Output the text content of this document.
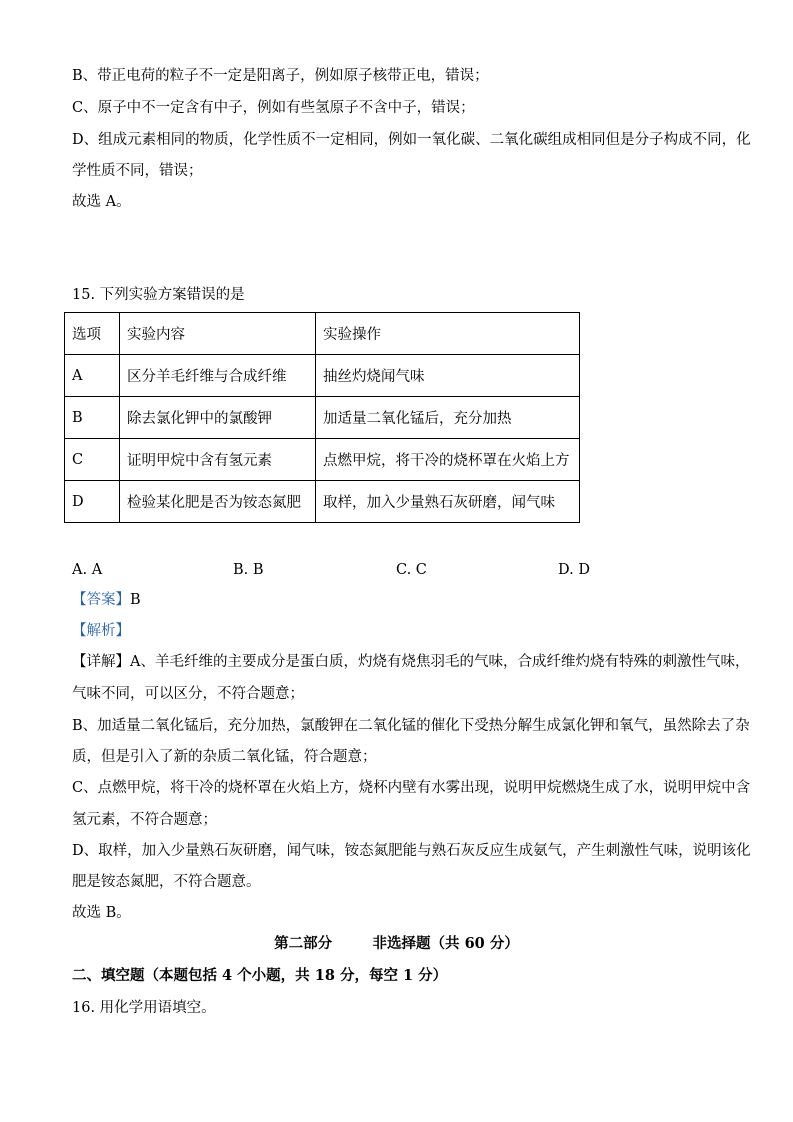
B、带正电荷的粒子不一定是阳离子，例如原子核带正电，错误；
C、原子中不一定含有中子，例如有些氢原子不含中子，错误；
D、组成元素相同的物质，化学性质不一定相同，例如一氧化碳、二氧化碳组成相同但是分子构成不同，化
学性质不同，错误；
故选 A。
15. 下列实验方案错误的是
选项	实验内容	实验操作
A	区分羊毛纤维与合成纤维	抽丝灼烧闻气味
B	除去氯化钾中的氯酸钾	加适量二氧化锰后，充分加热
C	证明甲烷中含有氢元素	点燃甲烷，将干冷的烧杯罩在火焰上方
D	检验某化肥是否为铵态氮肥	取样，加入少量熟石灰研磨，闻气味
A. A	B. B	C. C	D. D
【答案】B
【解析】
【详解】A、羊毛纤维的主要成分是蛋白质，灼烧有烧焦羽毛的气味，合成纤维灼烧有特殊的刺激性气味，
气味不同，可以区分，不符合题意；
B、加适量二氧化锰后，充分加热，氯酸钾在二氧化锰的催化下受热分解生成氯化钾和氧气，虽然除去了杂
质，但是引入了新的杂质二氧化锰，符合题意；
C、点燃甲烷，将干冷的烧杯罩在火焰上方，烧杯内壁有水雾出现，说明甲烷燃烧生成了水，说明甲烷中含
氢元素，不符合题意；
D、取样，加入少量熟石灰研磨，闻气味，铵态氮肥能与熟石灰反应生成氨气，产生刺激性气味，说明该化
肥是铵态氮肥，不符合题意。
故选 B。
第二部分        非选择题（共 60 分）
二、填空题（本题包括 4 个小题，共 18 分，每空 1 分）
16. 用化学用语填空。
